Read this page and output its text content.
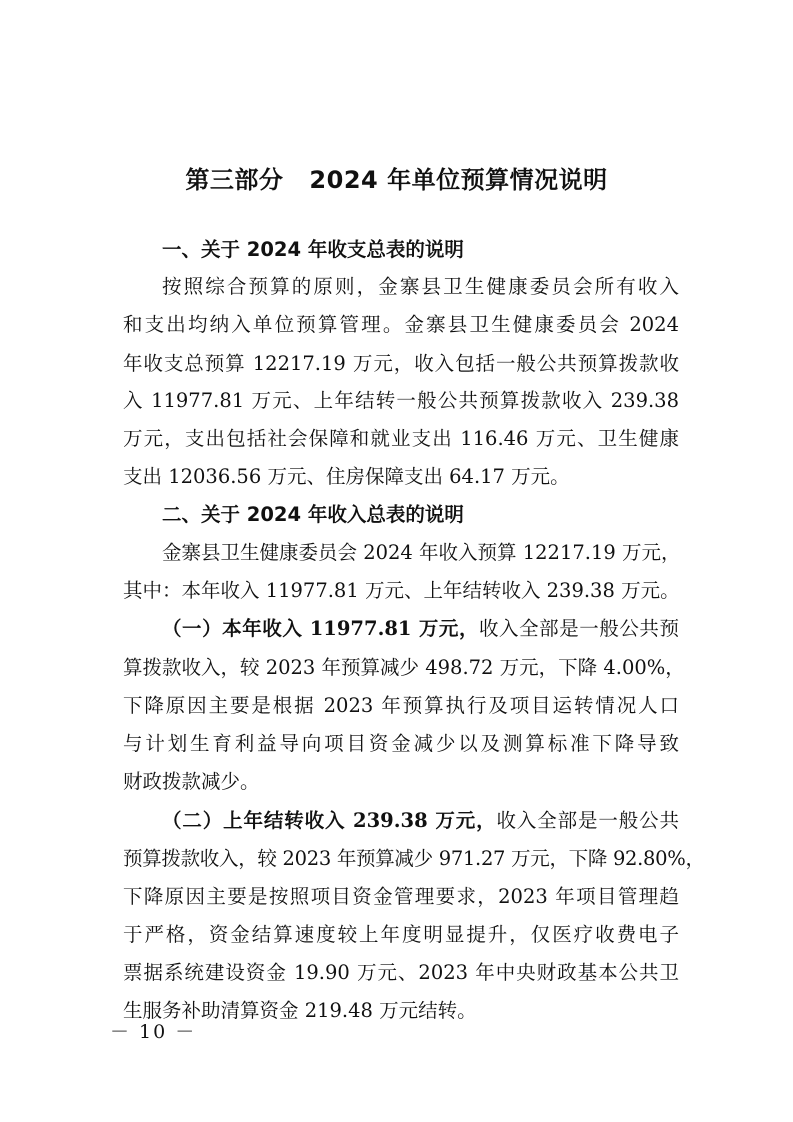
第三部分 2024 年单位预算情况说明
一、关于 2024 年收支总表的说明
按照综合预算的原则，金寨县卫生健康委员会所有收入
和支出均纳入单位预算管理。金寨县卫生健康委员会 2024
年收支总预算 12217.19 万元，收入包括一般公共预算拨款收
入 11977.81 万元、上年结转一般公共预算拨款收入 239.38
万元，支出包括社会保障和就业支出 116.46 万元、卫生健康
支出 12036.56 万元、住房保障支出 64.17 万元。
二、关于 2024 年收入总表的说明
金寨县卫生健康委员会 2024 年收入预算 12217.19 万元，
其中：本年收入 11977.81 万元、上年结转收入 239.38 万元。
（一）本年收入 11977.81 万元，收入全部是一般公共预
算拨款收入，较 2023 年预算减少 498.72 万元，下降 4.00%，
下降原因主要是根据 2023 年预算执行及项目运转情况人口
与计划生育利益导向项目资金减少以及测算标准下降导致
财政拨款减少。
（二）上年结转收入 239.38 万元，收入全部是一般公共
预算拨款收入，较 2023 年预算减少 971.27 万元，下降 92.80%，
下降原因主要是按照项目资金管理要求，2023 年项目管理趋
于严格，资金结算速度较上年度明显提升，仅医疗收费电子
票据系统建设资金 19.90 万元、2023 年中央财政基本公共卫
生服务补助清算资金 219.48 万元结转。
－ 10 －
